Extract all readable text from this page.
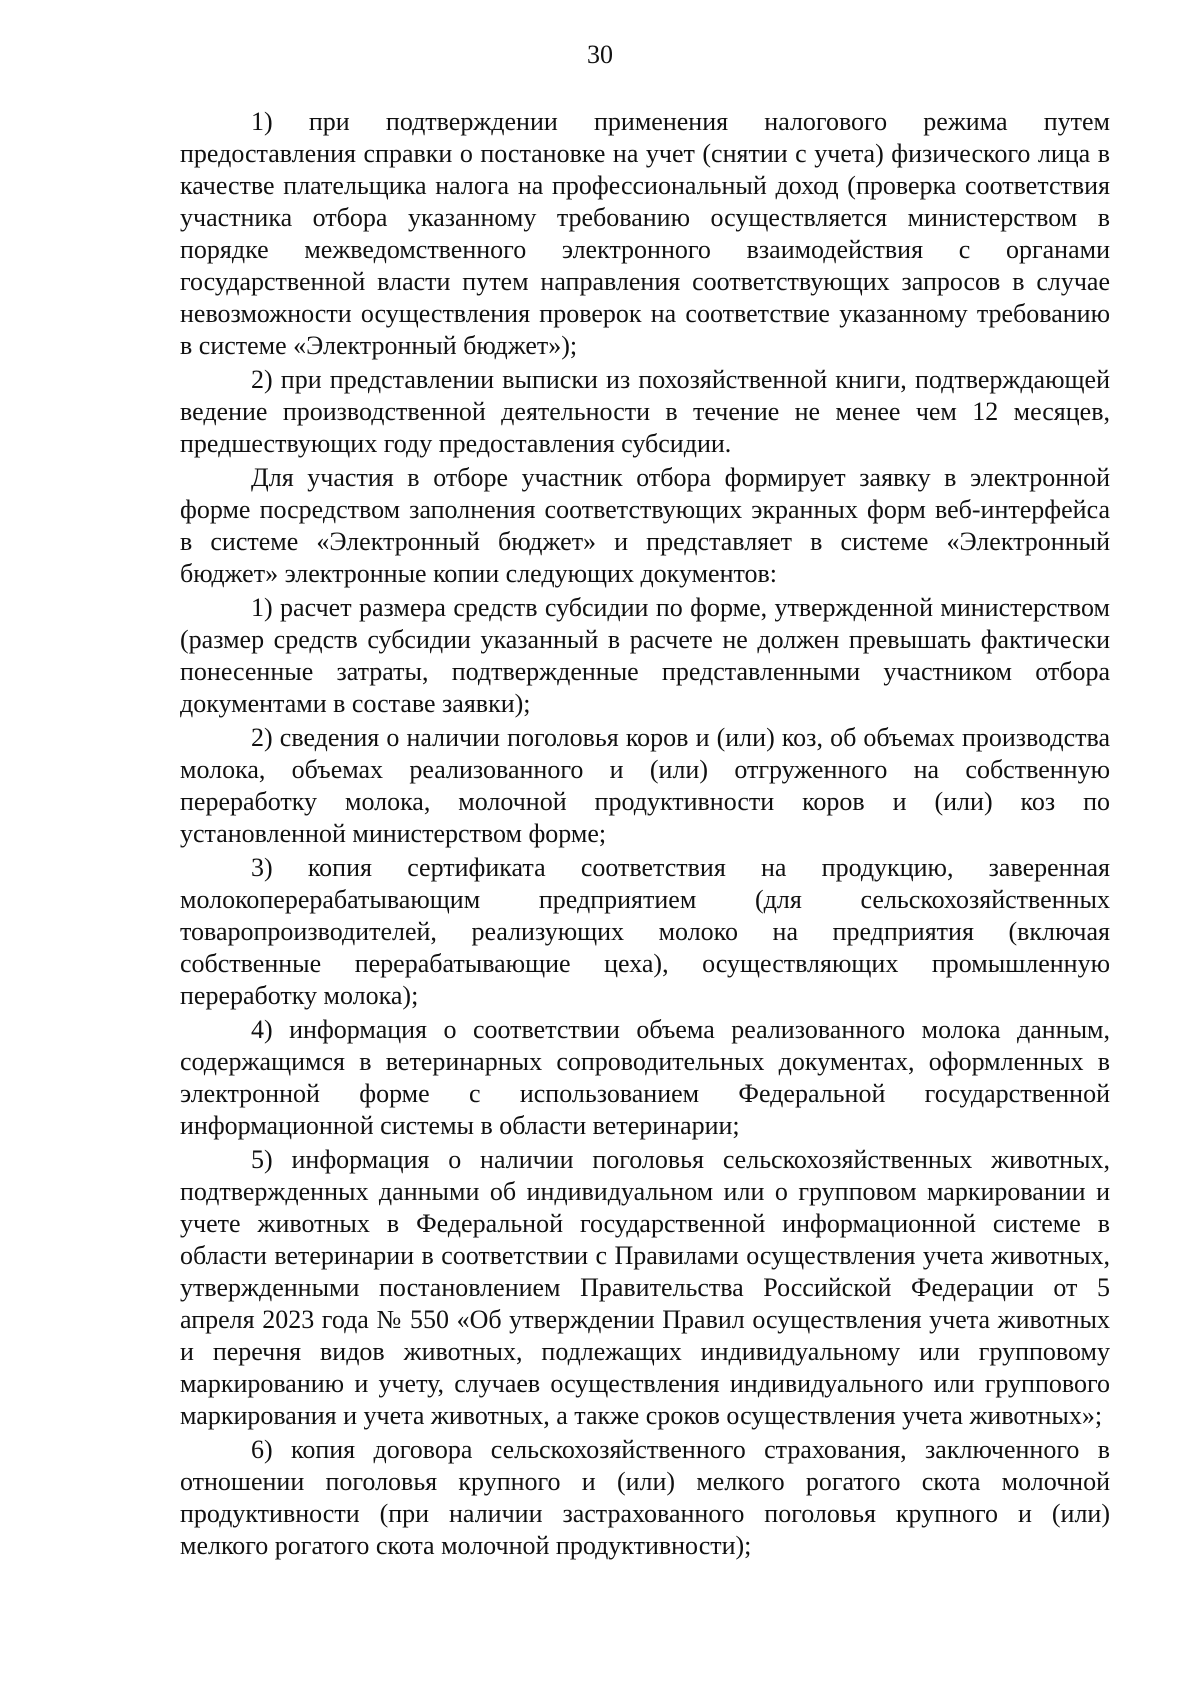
30

1) при подтверждении применения налогового режима путем предоставления справки о постановке на учет (снятии с учета) физического лица в качестве плательщика налога на профессиональный доход (проверка соответствия участника отбора указанному требованию осуществляется министерством в порядке межведомственного электронного взаимодействия с органами государственной власти путем направления соответствующих запросов в случае невозможности осуществления проверок на соответствие указанному требованию в системе «Электронный бюджет»);

2) при представлении выписки из похозяйственной книги, подтверждающей ведение производственной деятельности в течение не менее чем 12 месяцев, предшествующих году предоставления субсидии.

Для участия в отборе участник отбора формирует заявку в электронной форме посредством заполнения соответствующих экранных форм веб-интерфейса в системе «Электронный бюджет» и представляет в системе «Электронный бюджет» электронные копии следующих документов:

1) расчет размера средств субсидии по форме, утвержденной министерством (размер средств субсидии указанный в расчете не должен превышать фактически понесенные затраты, подтвержденные представленными участником отбора документами в составе заявки);

2) сведения о наличии поголовья коров и (или) коз, об объемах производства молока, объемах реализованного и (или) отгруженного на собственную переработку молока, молочной продуктивности коров и (или) коз по установленной министерством форме;

3) копия сертификата соответствия на продукцию, заверенная молокоперерабатывающим предприятием (для сельскохозяйственных товаропроизводителей, реализующих молоко на предприятия (включая собственные перерабатывающие цеха), осуществляющих промышленную переработку молока);

4) информация о соответствии объема реализованного молока данным, содержащимся в ветеринарных сопроводительных документах, оформленных в электронной форме с использованием Федеральной государственной информационной системы в области ветеринарии;

5) информация о наличии поголовья сельскохозяйственных животных, подтвержденных данными об индивидуальном или о групповом маркировании и учете животных в Федеральной государственной информационной системе в области ветеринарии в соответствии с Правилами осуществления учета животных, утвержденными постановлением Правительства Российской Федерации от 5 апреля 2023 года № 550 «Об утверждении Правил осуществления учета животных и перечня видов животных, подлежащих индивидуальному или групповому маркированию и учету, случаев осуществления индивидуального или группового маркирования и учета животных, а также сроков осуществления учета животных»;

6) копия договора сельскохозяйственного страхования, заключенного в отношении поголовья крупного и (или) мелкого рогатого скота молочной продуктивности (при наличии застрахованного поголовья крупного и (или) мелкого рогатого скота молочной продуктивности);
